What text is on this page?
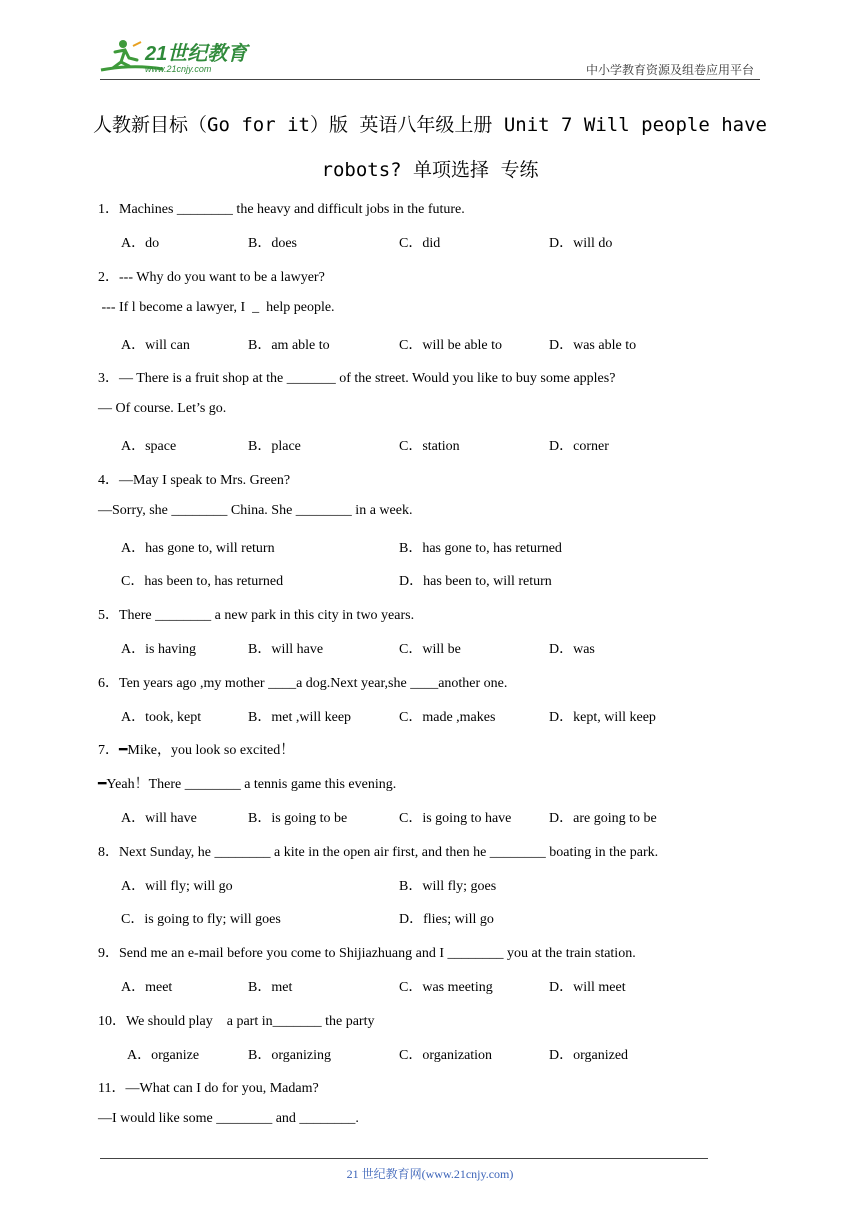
21世纪教育
www.21cnjy.com	中小学教育资源及组卷应用平台
人教新目标（Go for it）版 英语八年级上册 Unit 7 Will people have
robots? 单项选择 专练
1．Machines ________ the heavy and difficult jobs in the future.
A．do	B．does	C．did	D．will do
2．--- Why do you want to be a lawyer?
--- If l become a lawyer, I  _  help people.
A．will can	B．am able to	C．will be able to	D．was able to
3．— There is a fruit shop at the _______ of the street. Would you like to buy some apples?
— Of course. Let’s go.
A．space	B．place	C．station	D．corner
4．—May I speak to Mrs. Green?
—Sorry, she ________ China. She ________ in a week.
A．has gone to, will return	B．has gone to, has returned
C．has been to, has returned	D．has been to, will return
5．There ________ a new park in this city in two years.
A．is having	B．will have	C．will be	D．was
6．Ten years ago ,my mother ____a dog.Next year,she ____another one.
A．took, kept	B．met ,will keep	C．made ,makes	D．kept, will keep
7．━Mike，you look so excited！
━Yeah！There ________ a tennis game this evening.
A．will have	B．is going to be	C．is going to have	D．are going to be
8．Next Sunday, he ________ a kite in the open air first, and then he ________ boating in the park.
A．will fly; will go	B．will fly; goes
C．is going to fly; will goes	D．flies; will go
9．Send me an e-mail before you come to Shijiazhuang and I ________ you at the train station.
A．meet	B．met	C．was meeting	D．will meet
10．We should play    a part in_______ the party
A．organize	B．organizing	C．organization	D．organized
11．—What can I do for you, Madam?
—I would like some ________ and ________.
21 世纪教育网(www.21cnjy.com)
